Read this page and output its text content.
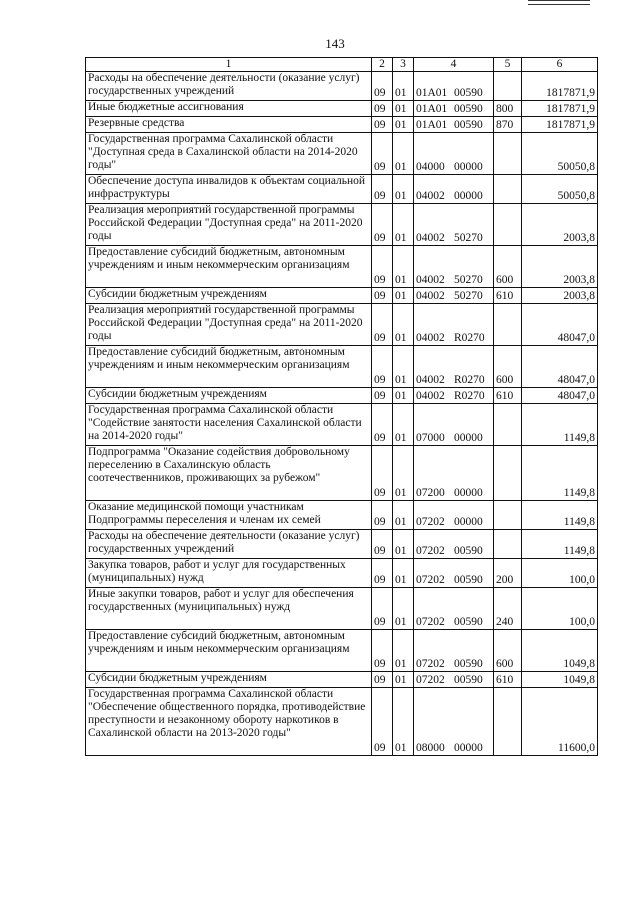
143
1	2	3	4	5	6
Расходы на обеспечение деятельности (оказание услуг) государственных учреждений	09	01	01А01 00590		1817871,9
Иные бюджетные ассигнования	09	01	01А01 00590	800	1817871,9
Резервные средства	09	01	01А01 00590	870	1817871,9
Государственная программа Сахалинской области "Доступная среда в Сахалинской области на 2014-2020 годы"	09	01	04000 00000		50050,8
Обеспечение доступа инвалидов к объектам социальной инфраструктуры	09	01	04002 00000		50050,8
Реализация мероприятий государственной программы Российской Федерации "Доступная среда" на 2011-2020 годы	09	01	04002 50270		2003,8
Предоставление субсидий бюджетным, автономным учреждениям и иным некоммерческим организациям	09	01	04002 50270	600	2003,8
Субсидии бюджетным учреждениям	09	01	04002 50270	610	2003,8
Реализация мероприятий государственной программы Российской Федерации "Доступная среда" на 2011-2020 годы	09	01	04002 R0270		48047,0
Предоставление субсидий бюджетным, автономным учреждениям и иным некоммерческим организациям	09	01	04002 R0270	600	48047,0
Субсидии бюджетным учреждениям	09	01	04002 R0270	610	48047,0
Государственная программа Сахалинской области "Содействие занятости населения Сахалинской области на 2014-2020 годы"	09	01	07000 00000		1149,8
Подпрограмма "Оказание содействия добровольному переселению в Сахалинскую область соотечественников, проживающих за рубежом"	09	01	07200 00000		1149,8
Оказание медицинской помощи участникам Подпрограммы переселения и членам их семей	09	01	07202 00000		1149,8
Расходы на обеспечение деятельности (оказание услуг) государственных учреждений	09	01	07202 00590		1149,8
Закупка товаров, работ и услуг для государственных (муниципальных) нужд	09	01	07202 00590	200	100,0
Иные закупки товаров, работ и услуг для обеспечения государственных (муниципальных) нужд	09	01	07202 00590	240	100,0
Предоставление субсидий бюджетным, автономным учреждениям и иным некоммерческим организациям	09	01	07202 00590	600	1049,8
Субсидии бюджетным учреждениям	09	01	07202 00590	610	1049,8
Государственная программа Сахалинской области "Обеспечение общественного порядка, противодействие преступности и незаконному обороту наркотиков в Сахалинской области на 2013-2020 годы"	09	01	08000 00000		11600,0
